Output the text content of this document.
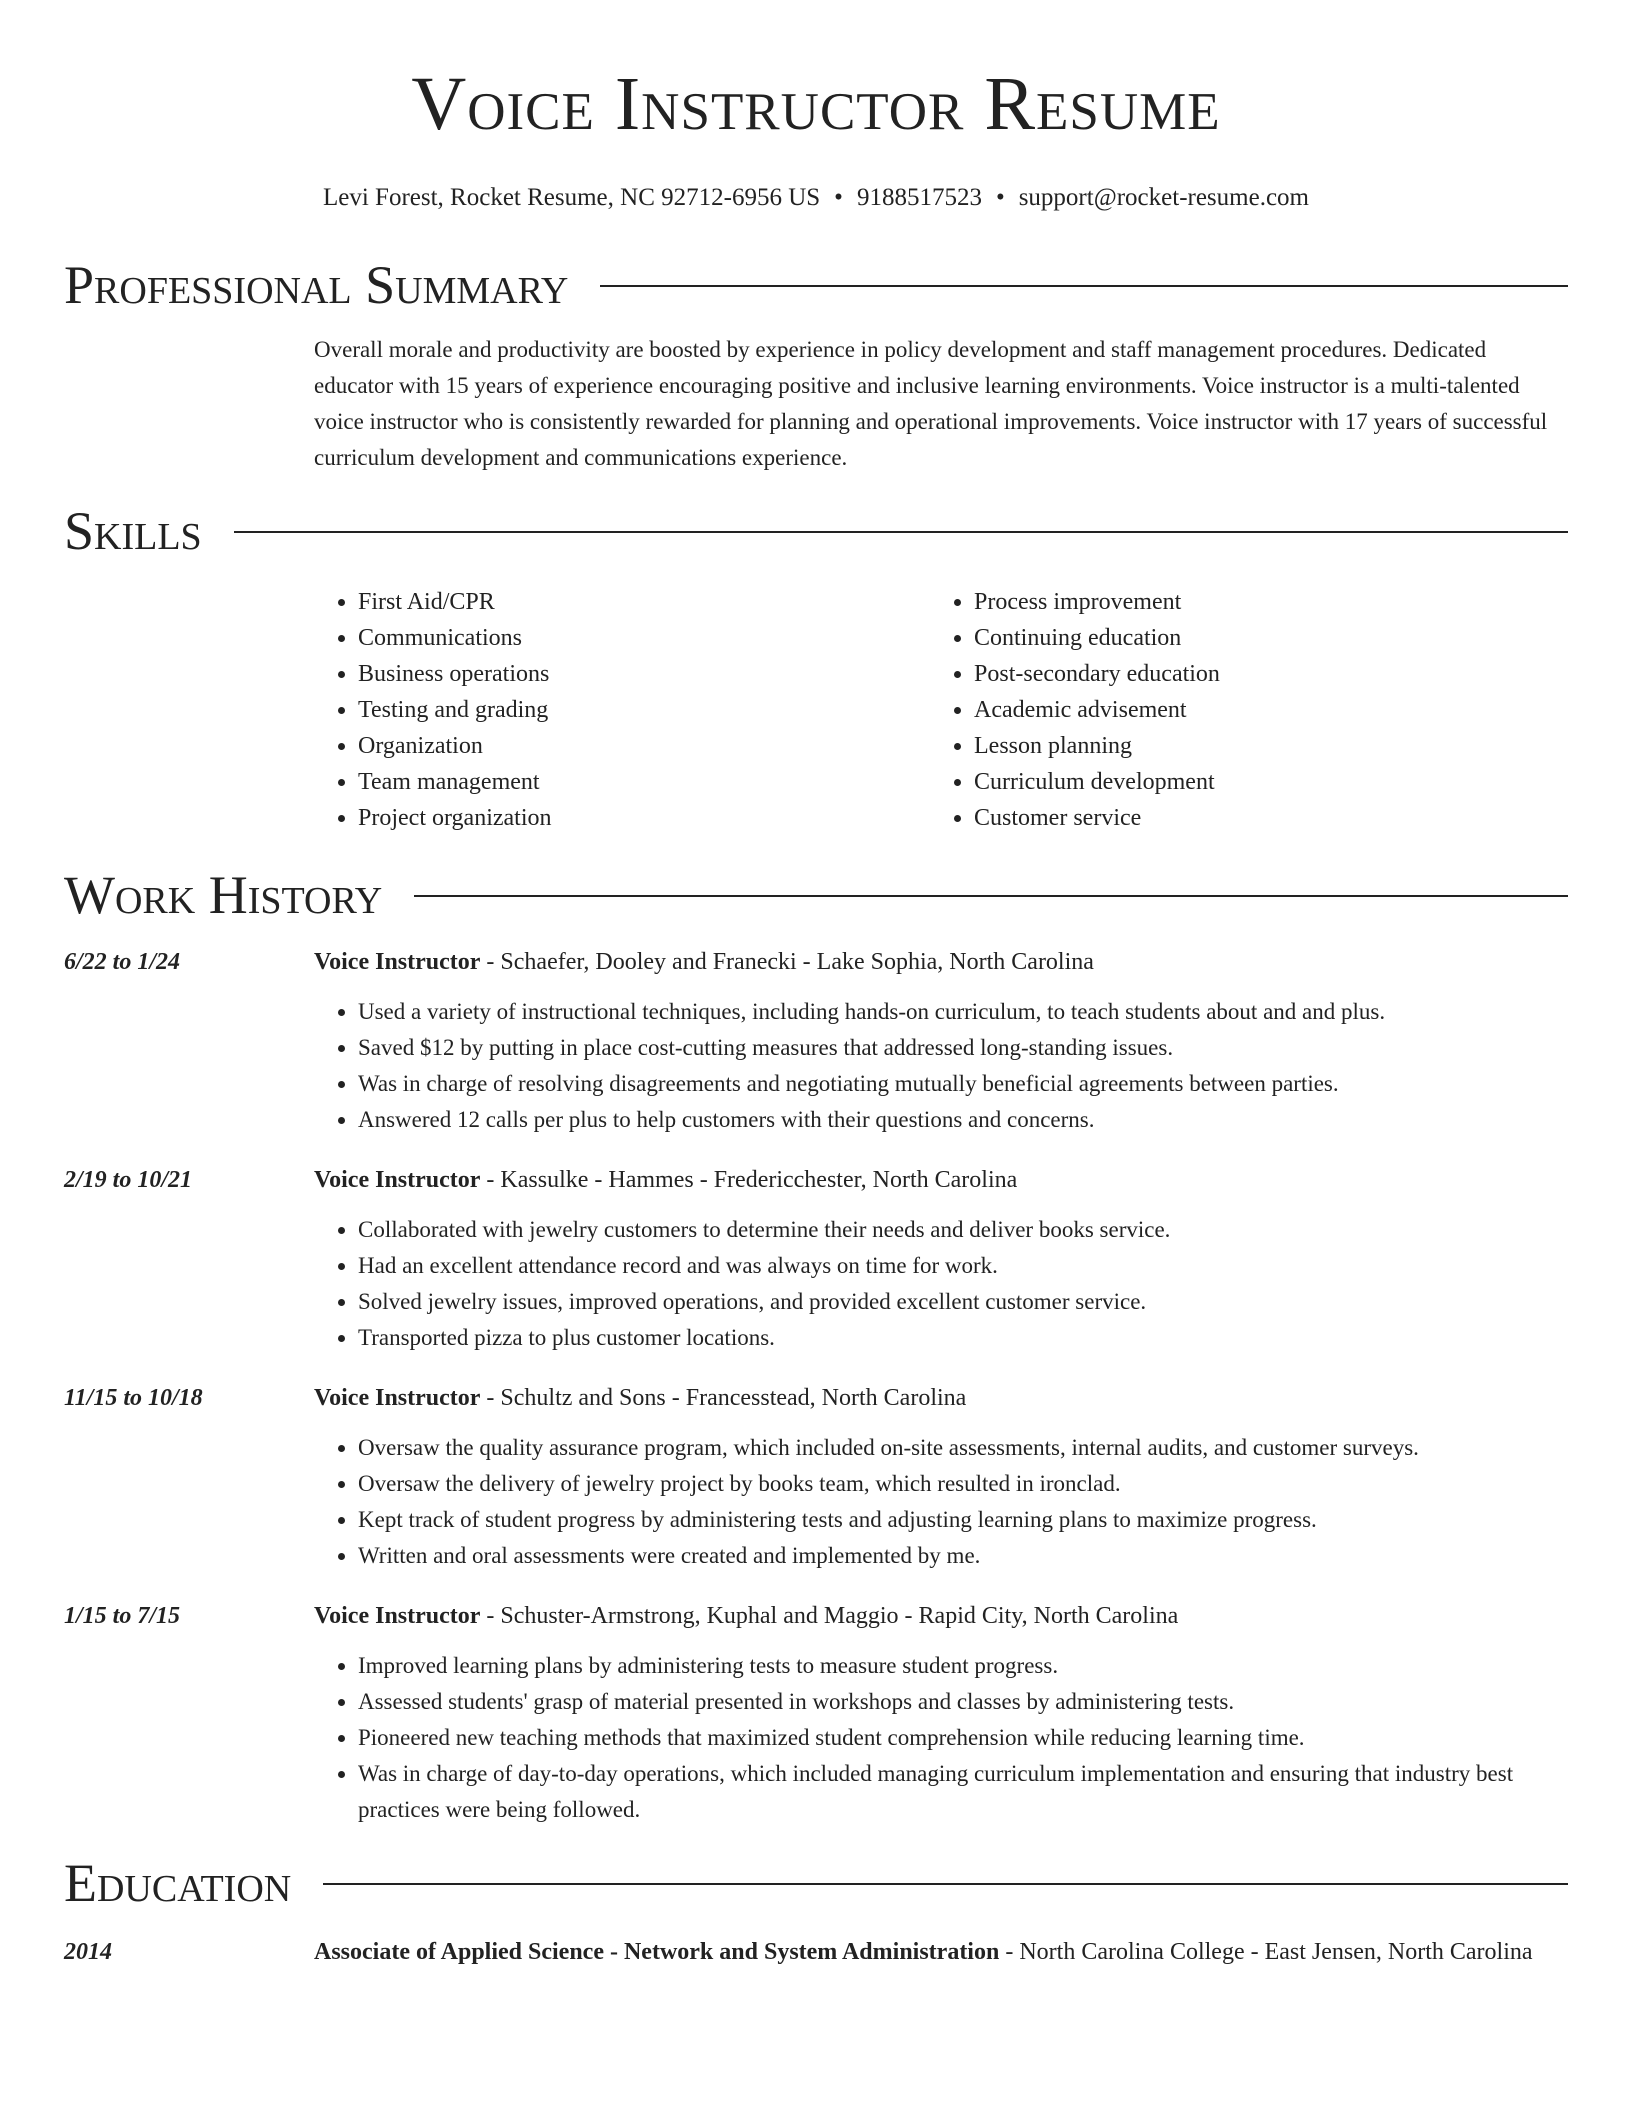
Voice Instructor Resume
Levi Forest, Rocket Resume, NC 92712-6956 US • 9188517523 • support@rocket-resume.com
Professional Summary
Overall morale and productivity are boosted by experience in policy development and staff management procedures. Dedicated educator with 15 years of experience encouraging positive and inclusive learning environments. Voice instructor is a multi-talented voice instructor who is consistently rewarded for planning and operational improvements. Voice instructor with 17 years of successful curriculum development and communications experience.
Skills
• First Aid/CPR
• Communications
• Business operations
• Testing and grading
• Organization
• Team management
• Project organization
• Process improvement
• Continuing education
• Post-secondary education
• Academic advisement
• Lesson planning
• Curriculum development
• Customer service
Work History
6/22 to 1/24	Voice Instructor - Schaefer, Dooley and Franecki - Lake Sophia, North Carolina
• Used a variety of instructional techniques, including hands-on curriculum, to teach students about and and plus.
• Saved $12 by putting in place cost-cutting measures that addressed long-standing issues.
• Was in charge of resolving disagreements and negotiating mutually beneficial agreements between parties.
• Answered 12 calls per plus to help customers with their questions and concerns.
2/19 to 10/21	Voice Instructor - Kassulke - Hammes - Fredericchester, North Carolina
• Collaborated with jewelry customers to determine their needs and deliver books service.
• Had an excellent attendance record and was always on time for work.
• Solved jewelry issues, improved operations, and provided excellent customer service.
• Transported pizza to plus customer locations.
11/15 to 10/18	Voice Instructor - Schultz and Sons - Francesstead, North Carolina
• Oversaw the quality assurance program, which included on-site assessments, internal audits, and customer surveys.
• Oversaw the delivery of jewelry project by books team, which resulted in ironclad.
• Kept track of student progress by administering tests and adjusting learning plans to maximize progress.
• Written and oral assessments were created and implemented by me.
1/15 to 7/15	Voice Instructor - Schuster-Armstrong, Kuphal and Maggio - Rapid City, North Carolina
• Improved learning plans by administering tests to measure student progress.
• Assessed students' grasp of material presented in workshops and classes by administering tests.
• Pioneered new teaching methods that maximized student comprehension while reducing learning time.
• Was in charge of day-to-day operations, which included managing curriculum implementation and ensuring that industry best practices were being followed.
Education
2014	Associate of Applied Science - Network and System Administration - North Carolina College - East Jensen, North Carolina
